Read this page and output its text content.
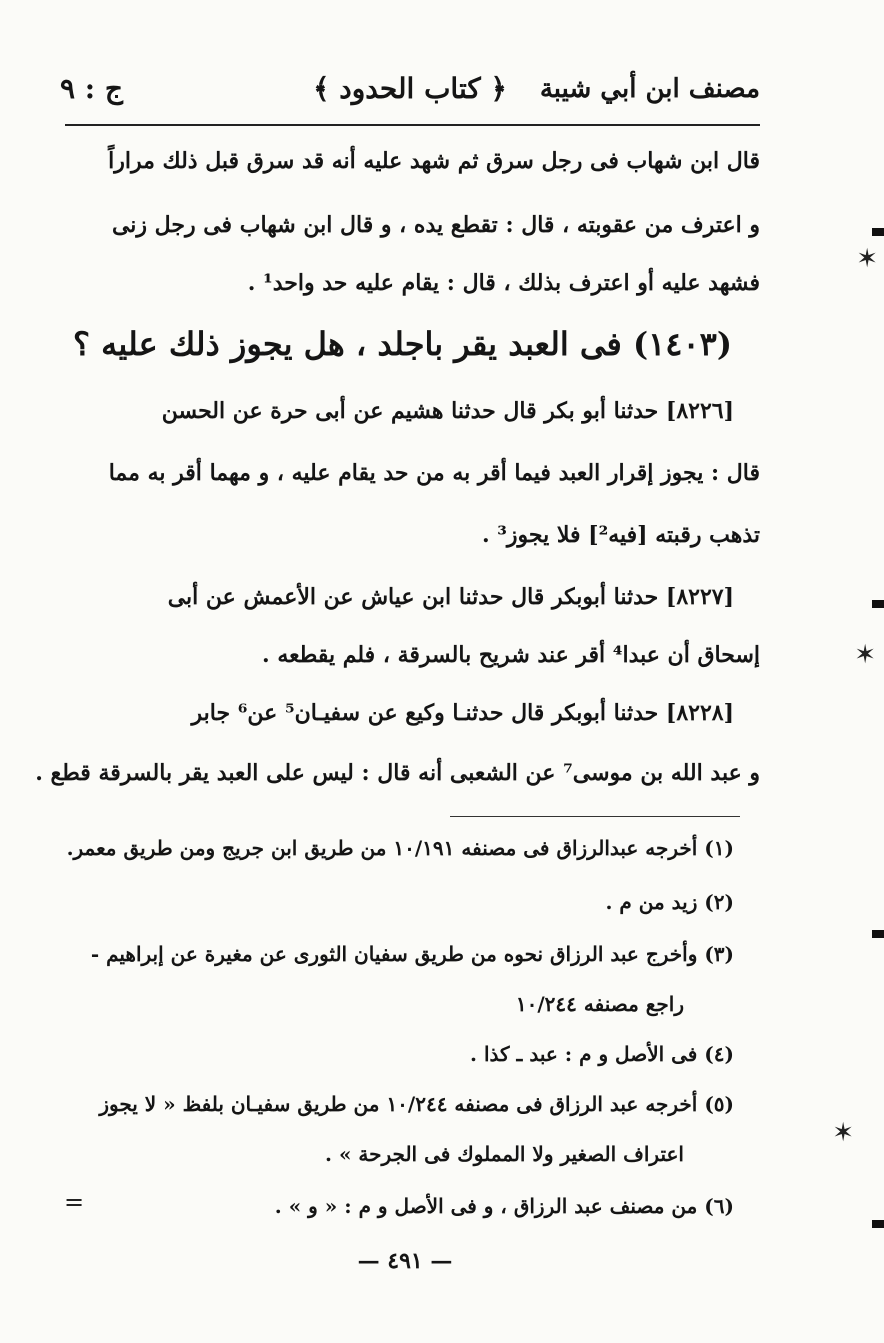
مصنف ابن أبي شيبة
﴿ كتاب الحدود ﴾
ج : ٩
قال ابن شهاب فى رجل سرق ثم شهد عليه أنه قد سرق قبل ذلك مراراً
و اعترف من عقوبته ، قال : تقطع يده ، و قال ابن شهاب فى رجل زنى
فشهد عليه أو اعترف بذلك ، قال : يقام عليه حد واحد¹ .
(١٤٠٣) فى العبد يقر باجلد ، هل يجوز ذلك عليه ؟
[٨٢٢٦] حدثنا أبو بكر قال حدثنا هشيم عن أبى حرة عن الحسن
قال : يجوز إقرار العبد فيما أقر به من حد يقام عليه ، و مهما أقر به مما
تذهب رقبته [فيه²] فلا يجوز³ .
[٨٢٢٧] حدثنا أبوبكر قال حدثنا ابن عياش عن الأعمش عن أبى
إسحاق أن عبدا⁴ أقر عند شريح بالسرقة ، فلم يقطعه .
[٨٢٢٨] حدثنا أبوبكر قال حدثنـا وكيع عن سفيـان⁵ عن⁶ جابر
و عبد الله بن موسى⁷ عن الشعبى أنه قال : ليس على العبد يقر بالسرقة قطع .
(١) أخرجه عبدالرزاق فى مصنفه ١٠/١٩١ من طريق ابن جريج ومن طريق معمر.
(٢) زيد من م .
(٣) وأخرج عبد الرزاق نحوه من طريق سفيان الثورى عن مغيرة عن إبراهيم -
راجع مصنفه ١٠/٢٤٤
(٤) فى الأصل و م : عبد ـ كذا .
(٥) أخرجه عبد الرزاق فى مصنفه ١٠/٢٤٤ من طريق سفيـان بلفظ « لا يجوز
اعتراف الصغير ولا المملوك فى الجرحة » .
(٦) من مصنف عبد الرزاق ، و فى الأصل و م : « و » .
=
— ٤٩١ —
✶
✶
✶
